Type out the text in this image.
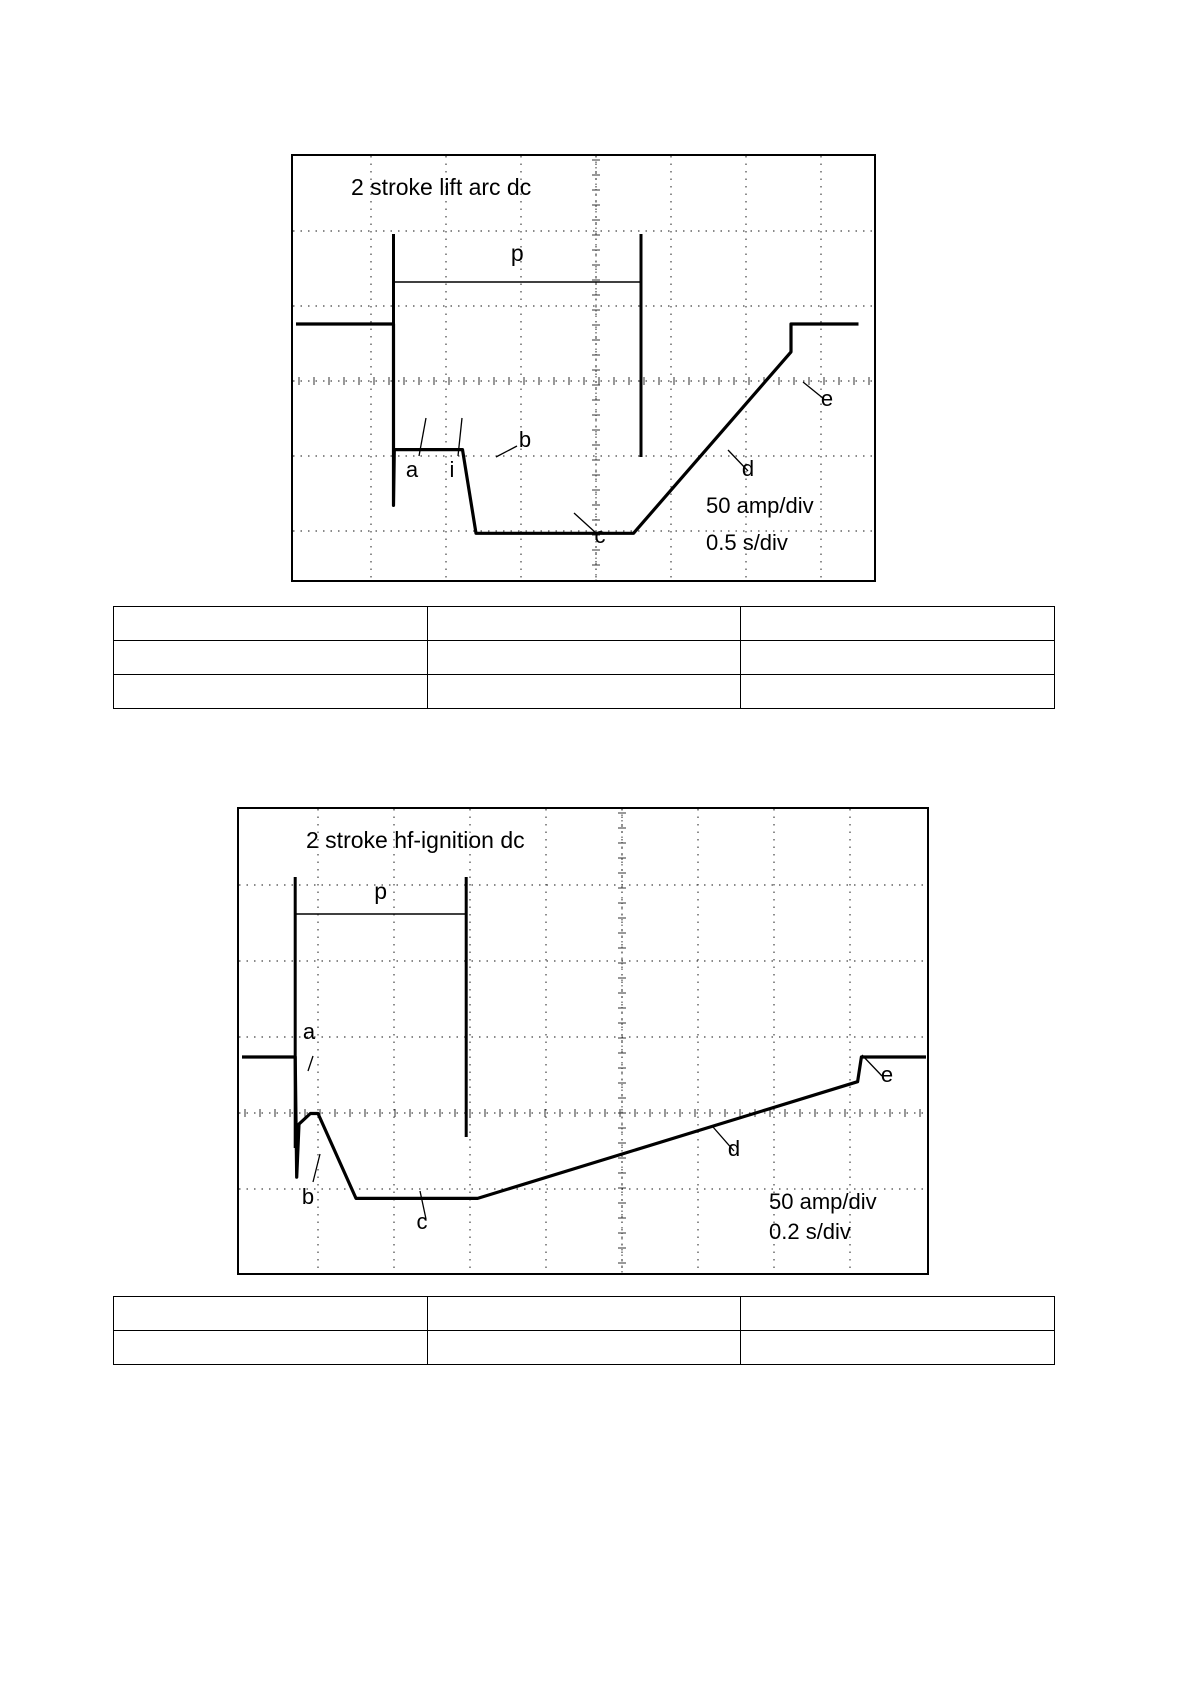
p
a i
b
c
d
e
2 stroke lift arc dc
50 amp/div
0.5 s/div

p
a
b
c
d
e
2 stroke hf-ignition dc
50 amp/div
0.2 s/div
